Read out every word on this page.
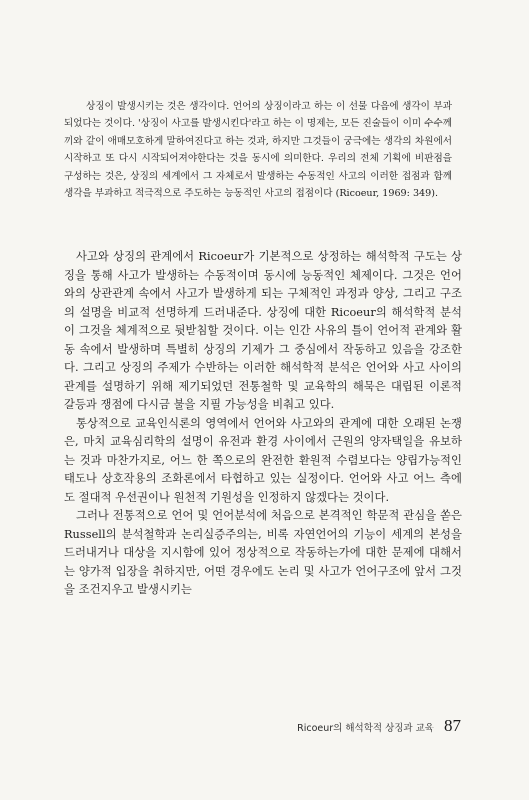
상징이 발생시키는 것은 생각이다. 언어의 상징이라고 하는 이 선물 다음에 생각이 부과되었다는 것이다. '상징이 사고를 발생시킨다'라고 하는 이 명제는, 모든 진술들이 이미 수수께끼와 같이 애매모호하게 말하여진다고 하는 것과, 하지만 그것들이 궁극에는 생각의 차원에서 시작하고 또 다시 시작되어져야한다는 것을 동시에 의미한다. 우리의 전체 기획에 비판점을 구성하는 것은, 상징의 세계에서 그 자체로서 발생하는 수동적인 사고의 이러한 접점과 함께 생각을 부과하고 적극적으로 주도하는 능동적인 사고의 접점이다 (Ricoeur, 1969: 349).

사고와 상징의 관계에서 Ricoeur가 기본적으로 상정하는 해석학적 구도는 상징을 통해 사고가 발생하는 수동적이며 동시에 능동적인 체제이다. 그것은 언어와의 상관관계 속에서 사고가 발생하게 되는 구체적인 과정과 양상, 그리고 구조의 설명을 비교적 선명하게 드러내준다. 상징에 대한 Ricoeur의 해석학적 분석이 그것을 체계적으로 뒷받침할 것이다. 이는 인간 사유의 틀이 언어적 관계와 활동 속에서 발생하며 특별히 상징의 기제가 그 중심에서 작동하고 있음을 강조한다. 그리고 상징의 주제가 수반하는 이러한 해석학적 분석은 언어와 사고 사이의 관계를 설명하기 위해 제기되었던 전통철학 및 교육학의 해묵은 대립된 이론적 갈등과 쟁점에 다시금 불을 지필 가능성을 비춰고 있다.

통상적으로 교육인식론의 영역에서 언어와 사고와의 관계에 대한 오래된 논쟁은, 마치 교육심리학의 설명이 유전과 환경 사이에서 근원의 양자택일을 유보하는 것과 마찬가지로, 어느 한 쪽으로의 완전한 환원적 수렴보다는 양립가능적인 태도나 상호작용의 조화론에서 타협하고 있는 실정이다. 언어와 사고 어느 측에도 절대적 우선권이나 원천적 기원성을 인정하지 않겠다는 것이다.

그러나 전통적으로 언어 및 언어분석에 처음으로 본격적인 학문적 관심을 쏟은 Russell의 분석철학과 논리실증주의는, 비록 자연언어의 기능이 세계의 본성을 드러내거나 대상을 지시함에 있어 정상적으로 작동하는가에 대한 문제에 대해서는 양가적 입장을 취하지만, 어떤 경우에도 논리 및 사고가 언어구조에 앞서 그것을 조건지우고 발생시키는

Ricoeur의 해석학적 상징과 교육 87
